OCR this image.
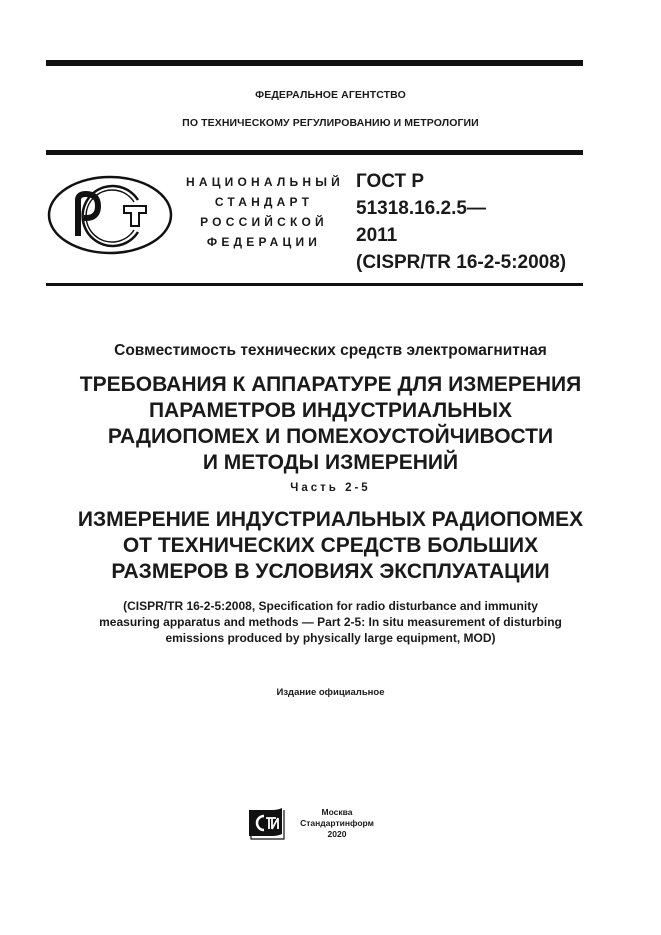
ФЕДЕРАЛЬНОЕ АГЕНТСТВО
ПО ТЕХНИЧЕСКОМУ РЕГУЛИРОВАНИЮ И МЕТРОЛОГИИ
НАЦИОНАЛЬНЫЙ
СТАНДАРТ
РОССИЙСКОЙ
ФЕДЕРАЦИИ
ГОСТ Р
51318.16.2.5—
2011
(CISPR/TR 16-2-5:2008)
Совместимость технических средств электромагнитная
ТРЕБОВАНИЯ К АППАРАТУРЕ ДЛЯ ИЗМЕРЕНИЯ
ПАРАМЕТРОВ ИНДУСТРИАЛЬНЫХ
РАДИОПОМЕХ И ПОМЕХОУСТОЙЧИВОСТИ
И МЕТОДЫ ИЗМЕРЕНИЙ
Часть 2-5
ИЗМЕРЕНИЕ ИНДУСТРИАЛЬНЫХ РАДИОПОМЕХ
ОТ ТЕХНИЧЕСКИХ СРЕДСТВ БОЛЬШИХ
РАЗМЕРОВ В УСЛОВИЯХ ЭКСПЛУАТАЦИИ
(CISPR/TR 16-2-5:2008, Specification for radio disturbance and immunity
measuring apparatus and methods — Part 2-5: In situ measurement of disturbing
emissions produced by physically large equipment, MOD)
Издание официальное
Москва
Стандартинформ
2020
